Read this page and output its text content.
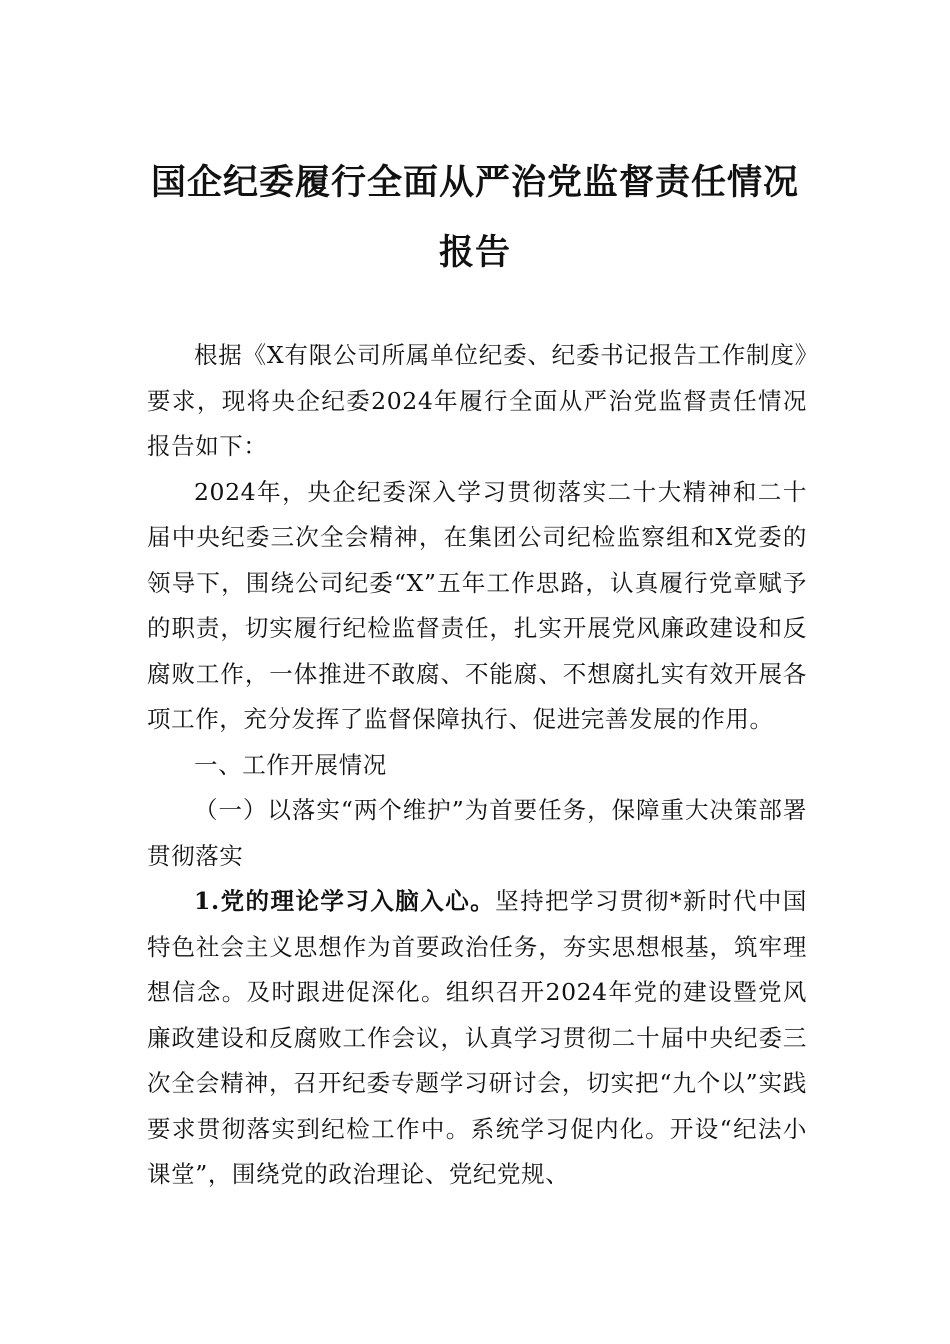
国企纪委履行全面从严治党监督责任情况
报告

根据《X有限公司所属单位纪委、纪委书记报告工作制度》要求，现将央企纪委2024年履行全面从严治党监督责任情况报告如下：

2024年，央企纪委深入学习贯彻落实二十大精神和二十届中央纪委三次全会精神，在集团公司纪检监察组和X党委的领导下，围绕公司纪委“X”五年工作思路，认真履行党章赋予的职责，切实履行纪检监督责任，扎实开展党风廉政建设和反腐败工作，一体推进不敢腐、不能腐、不想腐扎实有效开展各项工作，充分发挥了监督保障执行、促进完善发展的作用。

一、工作开展情况

（一）以落实“两个维护”为首要任务，保障重大决策部署贯彻落实

1.党的理论学习入脑入心。坚持把学习贯彻*新时代中国特色社会主义思想作为首要政治任务，夯实思想根基，筑牢理想信念。及时跟进促深化。组织召开2024年党的建设暨党风廉政建设和反腐败工作会议，认真学习贯彻二十届中央纪委三次全会精神，召开纪委专题学习研讨会，切实把“九个以”实践要求贯彻落实到纪检工作中。系统学习促内化。开设“纪法小课堂”，围绕党的政治理论、党纪党规、
